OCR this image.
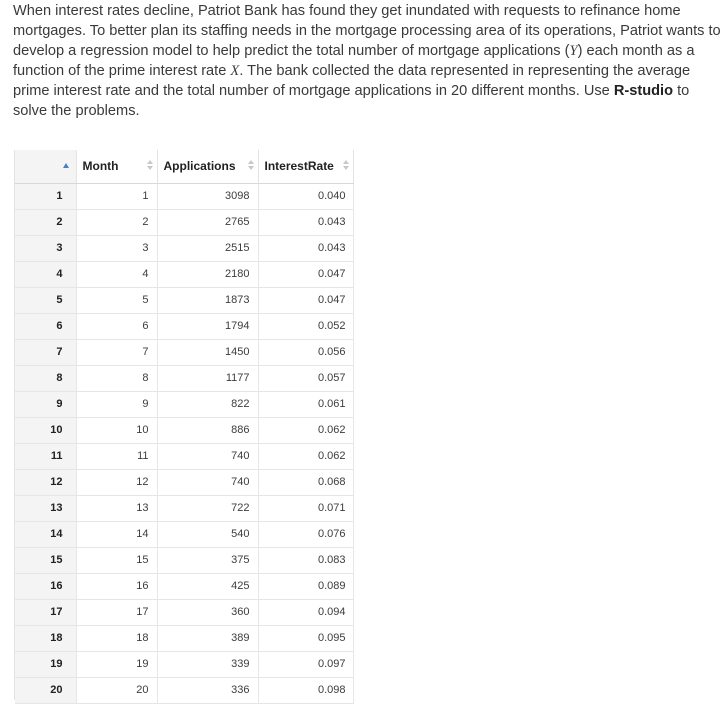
When interest rates decline, Patriot Bank has found they get inundated with requests to refinance home mortgages. To better plan its staffing needs in the mortgage processing area of its operations, Patriot wants to develop a regression model to help predict the total number of mortgage applications (Y) each month as a function of the prime interest rate X. The bank collected the data represented in representing the average prime interest rate and the total number of mortgage applications in 20 different months. Use R-studio to solve the problems.
	Month	Applications	InterestRate

1	1	3098	0.040
2	2	2765	0.043
3	3	2515	0.043
4	4	2180	0.047
5	5	1873	0.047
6	6	1794	0.052
7	7	1450	0.056
8	8	1177	0.057
9	9	822	0.061
10	10	886	0.062
11	11	740	0.062
12	12	740	0.068
13	13	722	0.071
14	14	540	0.076
15	15	375	0.083
16	16	425	0.089
17	17	360	0.094
18	18	389	0.095
19	19	339	0.097
20	20	336	0.098
